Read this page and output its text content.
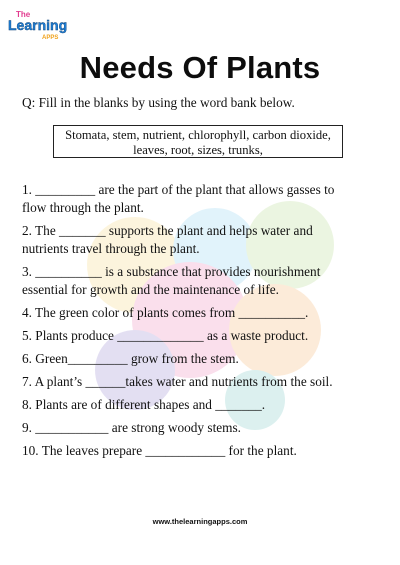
The
Learning
APPS
Needs Of Plants
Q: Fill in the blanks by using the word bank below.
Stomata, stem, nutrient, chlorophyll, carbon dioxide,
leaves, root, sizes, trunks,
1. _________ are the part of the plant that allows gasses to flow through the plant.
2. The _______ supports the plant and helps water and nutrients travel through the plant.
3. __________ is a substance that provides nourishment essential for growth and the maintenance of life.
4. The green color of plants comes from __________.
5. Plants produce _____________ as a waste product.
6. Green_________ grow from the stem.
7. A plant’s ______takes water and nutrients from the soil.
8. Plants are of different shapes and _______.
9. ___________ are strong woody stems.
10. The leaves prepare ____________ for the plant.
www.thelearningapps.com
